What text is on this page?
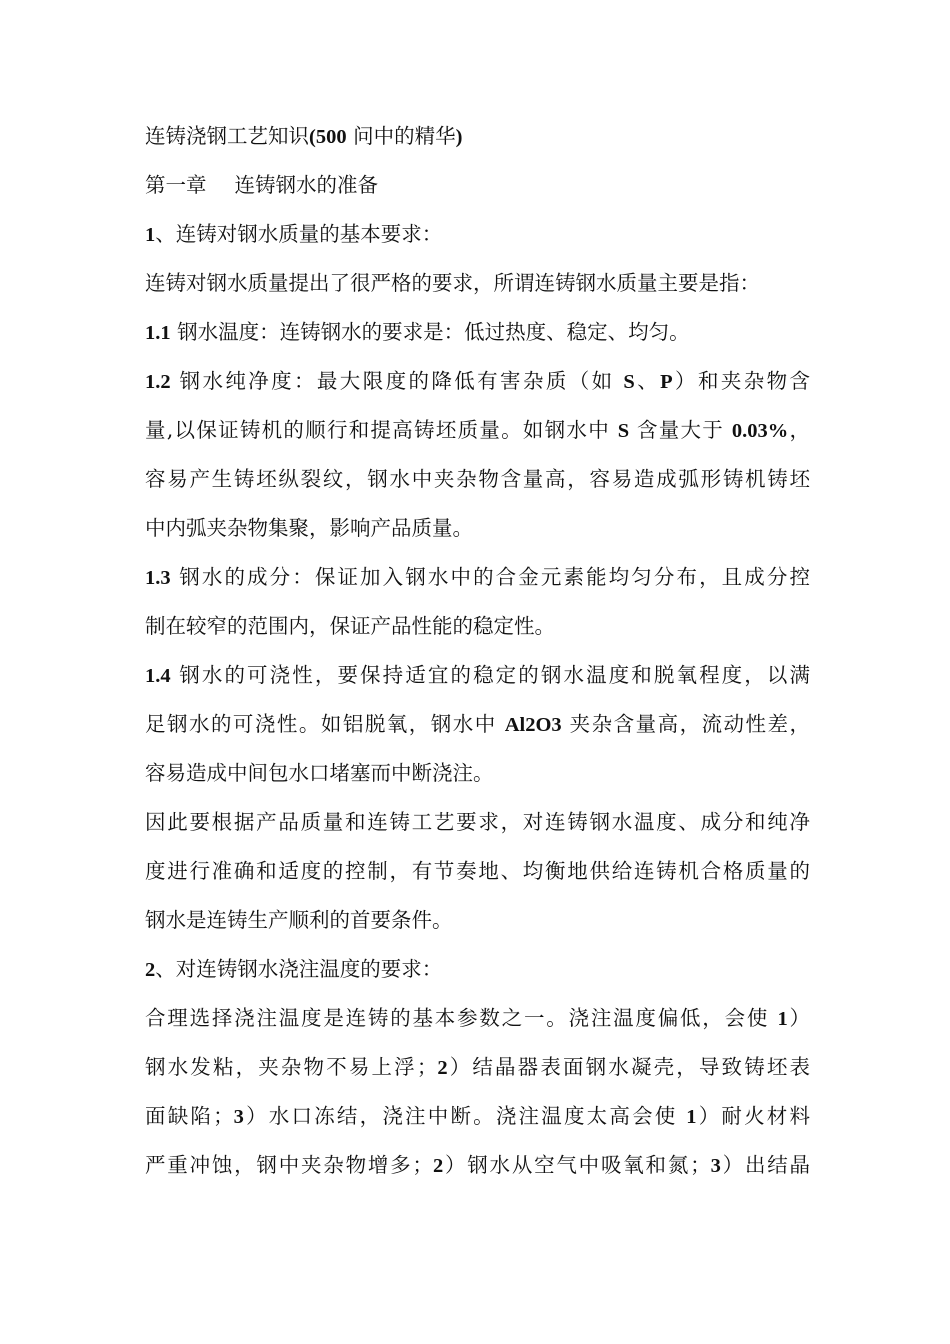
连铸浇钢工艺知识(500 问中的精华)
第一章 连铸钢水的准备
1、连铸对钢水质量的基本要求：
连铸对钢水质量提出了很严格的要求，所谓连铸钢水质量主要是指：
1.1 钢水温度：连铸钢水的要求是：低过热度、稳定、均匀。
1.2 钢水纯净度：最大限度的降低有害杂质（如 S、P）和夹杂物含
量,以保证铸机的顺行和提高铸坯质量。如钢水中 S 含量大于 0.03%，
容易产生铸坯纵裂纹，钢水中夹杂物含量高，容易造成弧形铸机铸坯
中内弧夹杂物集聚，影响产品质量。
1.3 钢水的成分：保证加入钢水中的合金元素能均匀分布，且成分控
制在较窄的范围内，保证产品性能的稳定性。
1.4 钢水的可浇性，要保持适宜的稳定的钢水温度和脱氧程度，以满
足钢水的可浇性。如铝脱氧，钢水中 Al2O3 夹杂含量高，流动性差，
容易造成中间包水口堵塞而中断浇注。
因此要根据产品质量和连铸工艺要求，对连铸钢水温度、成分和纯净
度进行准确和适度的控制，有节奏地、均衡地供给连铸机合格质量的
钢水是连铸生产顺利的首要条件。
2、对连铸钢水浇注温度的要求：
合理选择浇注温度是连铸的基本参数之一。浇注温度偏低，会使 1）
钢水发粘，夹杂物不易上浮；2）结晶器表面钢水凝壳，导致铸坯表
面缺陷；3）水口冻结，浇注中断。浇注温度太高会使 1）耐火材料
严重冲蚀，钢中夹杂物增多；2）钢水从空气中吸氧和氮；3）出结晶
